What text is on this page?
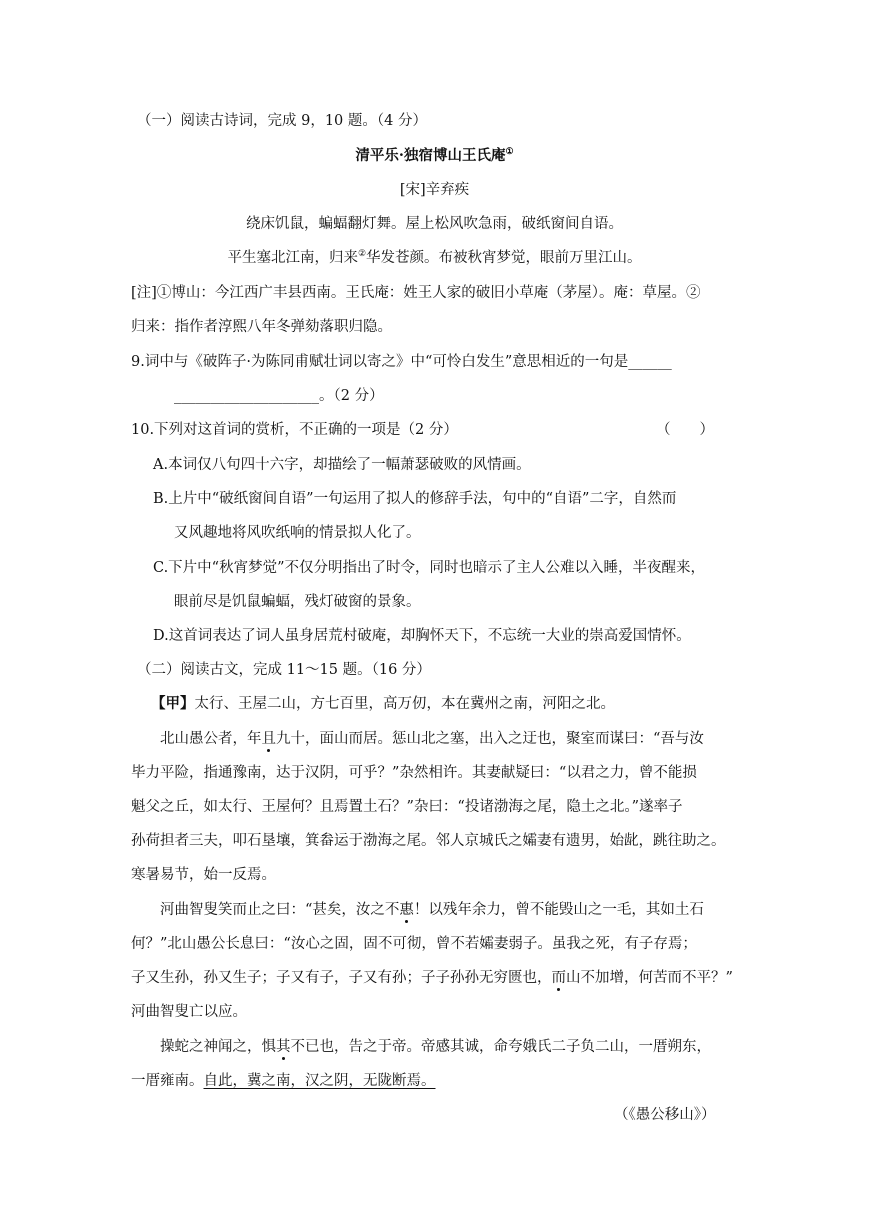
（一）阅读古诗词，完成 9，10 题。（4 分）
清平乐·独宿博山王氏庵①
[宋]辛弃疾
绕床饥鼠，蝙蝠翻灯舞。屋上松风吹急雨，破纸窗间自语。
平生塞北江南，归来②华发苍颜。布被秋宵梦觉，眼前万里江山。
[注]①博山：今江西广丰县西南。王氏庵：姓王人家的破旧小草庵（茅屋）。庵：草屋。②
归来：指作者淳熙八年冬弹劾落职归隐。
9.词中与《破阵子·为陈同甫赋壮词以寄之》中“可怜白发生”意思相近的一句是______
____________________。（2 分）
10.下列对这首词的赏析，不正确的一项是（2 分）	（　　）
A.本词仅八句四十六字，却描绘了一幅萧瑟破败的风情画。
B.上片中“破纸窗间自语”一句运用了拟人的修辞手法，句中的“自语”二字，自然而
又风趣地将风吹纸响的情景拟人化了。
C.下片中“秋宵梦觉”不仅分明指出了时令，同时也暗示了主人公难以入睡，半夜醒来，
眼前尽是饥鼠蝙蝠，残灯破窗的景象。
D.这首词表达了词人虽身居荒村破庵，却胸怀天下，不忘统一大业的崇高爱国情怀。
（二）阅读古文，完成 11～15 题。（16 分）
【甲】太行、王屋二山，方七百里，高万仞，本在冀州之南，河阳之北。
北山愚公者，年且九十，面山而居。惩山北之塞，出入之迂也，聚室而谋曰：“吾与汝
毕力平险，指通豫南，达于汉阴，可乎？”杂然相许。其妻献疑曰：“以君之力，曾不能损
魁父之丘，如太行、王屋何？且焉置土石？”杂曰：“投诸渤海之尾，隐土之北。”遂率子
孙荷担者三夫，叩石垦壤，箕畚运于渤海之尾。邻人京城氏之孀妻有遗男，始龀，跳往助之。
寒暑易节，始一反焉。
河曲智叟笑而止之曰：“甚矣，汝之不惠！以残年余力，曾不能毁山之一毛，其如土石
何？”北山愚公长息曰：“汝心之固，固不可彻，曾不若孀妻弱子。虽我之死，有子存焉；
子又生孙，孙又生子；子又有子，子又有孙；子子孙孙无穷匮也，而山不加增，何苦而不平？”
河曲智叟亡以应。
操蛇之神闻之，惧其不已也，告之于帝。帝感其诚，命夸娥氏二子负二山，一厝朔东，
一厝雍南。自此，冀之南，汉之阴，无陇断焉。
（《愚公移山》）
